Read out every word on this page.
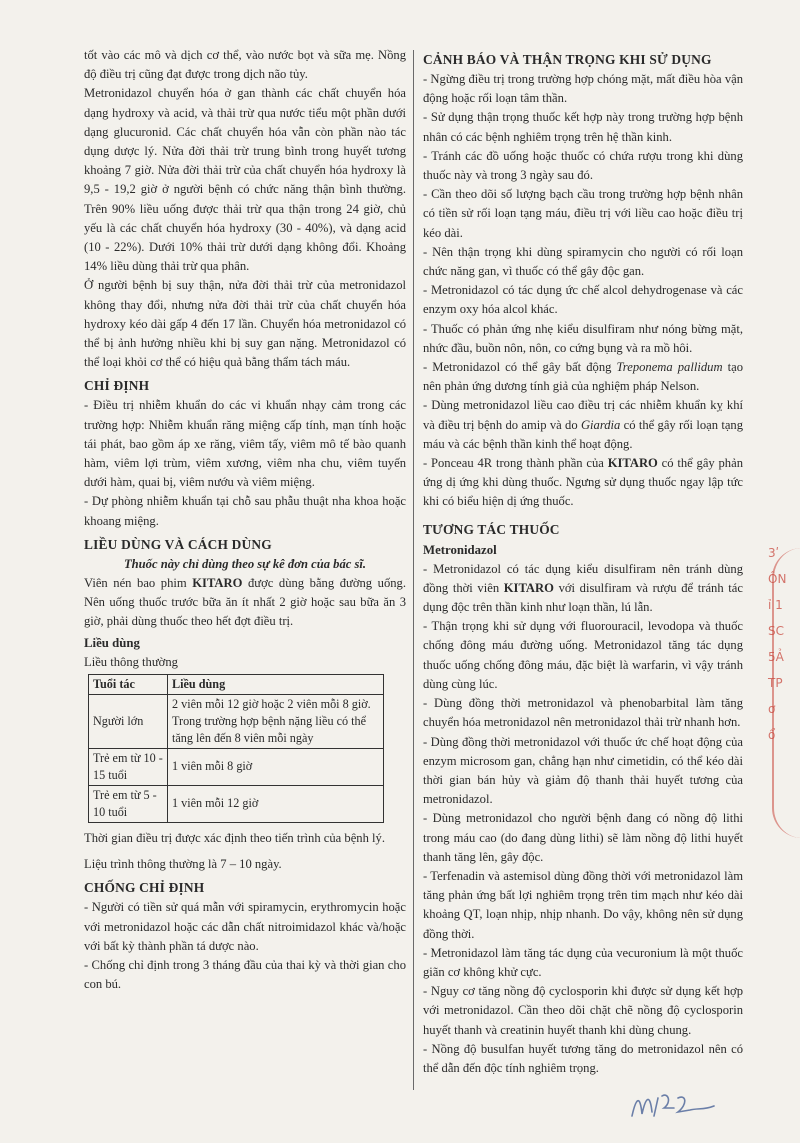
tốt vào các mô và dịch cơ thể, vào nước bọt và sữa mẹ. Nồng độ điều trị cũng đạt được trong dịch não tủy.

Metronidazol chuyển hóa ở gan thành các chất chuyển hóa dạng hydroxy và acid, và thải trừ qua nước tiểu một phần dưới dạng glucuronid. Các chất chuyển hóa vẫn còn phần nào tác dụng dược lý. Nửa đời thải trừ trung bình trong huyết tương khoảng 7 giờ. Nửa đời thải trừ của chất chuyển hóa hydroxy là 9,5 - 19,2 giờ ở người bệnh có chức năng thận bình thường. Trên 90% liều uống được thải trừ qua thận trong 24 giờ, chủ yếu là các chất chuyển hóa hydroxy (30 - 40%), và dạng acid (10 - 22%). Dưới 10% thải trừ dưới dạng không đổi. Khoảng 14% liều dùng thải trừ qua phân.

Ở người bệnh bị suy thận, nửa đời thải trừ của metronidazol không thay đổi, nhưng nửa đời thải trừ của chất chuyển hóa hydroxy kéo dài gấp 4 đến 17 lần. Chuyển hóa metronidazol có thể bị ảnh hưởng nhiều khi bị suy gan nặng. Metronidazol có thể loại khỏi cơ thể có hiệu quả bằng thẩm tách máu.

CHỈ ĐỊNH

- Điều trị nhiễm khuẩn do các vi khuẩn nhạy cảm trong các trường hợp: Nhiễm khuẩn răng miệng cấp tính, mạn tính hoặc tái phát, bao gồm áp xe răng, viêm tấy, viêm mô tế bào quanh hàm, viêm lợi trùm, viêm xương, viêm nha chu, viêm tuyến dưới hàm, quai bị, viêm nướu và viêm miệng.

- Dự phòng nhiễm khuẩn tại chỗ sau phẫu thuật nha khoa hoặc khoang miệng.

LIỀU DÙNG VÀ CÁCH DÙNG

Thuốc này chỉ dùng theo sự kê đơn của bác sĩ.

Viên nén bao phim KITARO được dùng bằng đường uống. Nên uống thuốc trước bữa ăn ít nhất 2 giờ hoặc sau bữa ăn 3 giờ, phải dùng thuốc theo hết đợt điều trị.

Liều dùng

Liều thông thường

Tuổi tác	Liều dùng
Người lớn	2 viên mỗi 12 giờ hoặc 2 viên mỗi 8 giờ. Trong trường hợp bệnh nặng liều có thể tăng lên đến 8 viên mỗi ngày
Trẻ em từ 10 - 15 tuổi	1 viên mỗi 8 giờ
Trẻ em từ 5 - 10 tuổi	1 viên mỗi 12 giờ

Thời gian điều trị được xác định theo tiến trình của bệnh lý.

Liệu trình thông thường là 7 – 10 ngày.

CHỐNG CHỈ ĐỊNH

- Người có tiền sử quá mẫn với spiramycin, erythromycin hoặc với metronidazol hoặc các dẫn chất nitroimidazol khác và/hoặc với bất kỳ thành phần tá dược nào.

- Chống chỉ định trong 3 tháng đầu của thai kỳ và thời gian cho con bú.

CẢNH BÁO VÀ THẬN TRỌNG KHI SỬ DỤNG

- Ngừng điều trị trong trường hợp chóng mặt, mất điều hòa vận động hoặc rối loạn tâm thần.

- Sử dụng thận trọng thuốc kết hợp này trong trường hợp bệnh nhân có các bệnh nghiêm trọng trên hệ thần kinh.

- Tránh các đồ uống hoặc thuốc có chứa rượu trong khi dùng thuốc này và trong 3 ngày sau đó.

- Cần theo dõi số lượng bạch cầu trong trường hợp bệnh nhân có tiền sử rối loạn tạng máu, điều trị với liều cao hoặc điều trị kéo dài.

- Nên thận trọng khi dùng spiramycin cho người có rối loạn chức năng gan, vì thuốc có thể gây độc gan.

- Metronidazol có tác dụng ức chế alcol dehydrogenase và các enzym oxy hóa alcol khác.

- Thuốc có phản ứng nhẹ kiểu disulfiram như nóng bừng mặt, nhức đầu, buồn nôn, nôn, co cứng bụng và ra mồ hôi.

- Metronidazol có thể gây bất động Treponema pallidum tạo nên phản ứng dương tính giả của nghiệm pháp Nelson.

- Dùng metronidazol liều cao điều trị các nhiễm khuẩn kỵ khí và điều trị bệnh do amip và do Giardia có thể gây rối loạn tạng máu và các bệnh thần kinh thể hoạt động.

- Ponceau 4R trong thành phần của KITARO có thể gây phản ứng dị ứng khi dùng thuốc. Ngưng sử dụng thuốc ngay lập tức khi có biểu hiện dị ứng thuốc.

TƯƠNG TÁC THUỐC
Metronidazol

- Metronidazol có tác dụng kiểu disulfiram nên tránh dùng đồng thời viên KITARO với disulfiram và rượu để tránh tác dụng độc trên thần kinh như loạn thần, lú lẫn.

- Thận trọng khi sử dụng với fluorouracil, levodopa và thuốc chống đông máu đường uống. Metronidazol tăng tác dụng thuốc uống chống đông máu, đặc biệt là warfarin, vì vậy tránh dùng cùng lúc.

- Dùng đồng thời metronidazol và phenobarbital làm tăng chuyển hóa metronidazol nên metronidazol thải trừ nhanh hơn.

- Dùng đồng thời metronidazol với thuốc ức chế hoạt động của enzym microsom gan, chẳng hạn như cimetidin, có thể kéo dài thời gian bán hủy và giảm độ thanh thải huyết tương của metronidazol.

- Dùng metronidazol cho người bệnh đang có nồng độ lithi trong máu cao (do đang dùng lithi) sẽ làm nồng độ lithi huyết thanh tăng lên, gây độc.

- Terfenadin và astemisol dùng đồng thời với metronidazol làm tăng phản ứng bất lợi nghiêm trọng trên tim mạch như kéo dài khoảng QT, loạn nhịp, nhịp nhanh. Do vậy, không nên sử dụng đồng thời.

- Metronidazol làm tăng tác dụng của vecuronium là một thuốc giãn cơ không khử cực.

- Nguy cơ tăng nồng độ cyclosporin khi được sử dụng kết hợp với metronidazol. Cần theo dõi chặt chẽ nồng độ cyclosporin huyết thanh và creatinin huyết thanh khi dùng chung.

- Nồng độ busulfan huyết tương tăng do metronidazol nên có thể dẫn đến độc tính nghiêm trọng.

3ʹ
ÔN
ỉ 1
SC
5Ả
TP
ơ
ổ
